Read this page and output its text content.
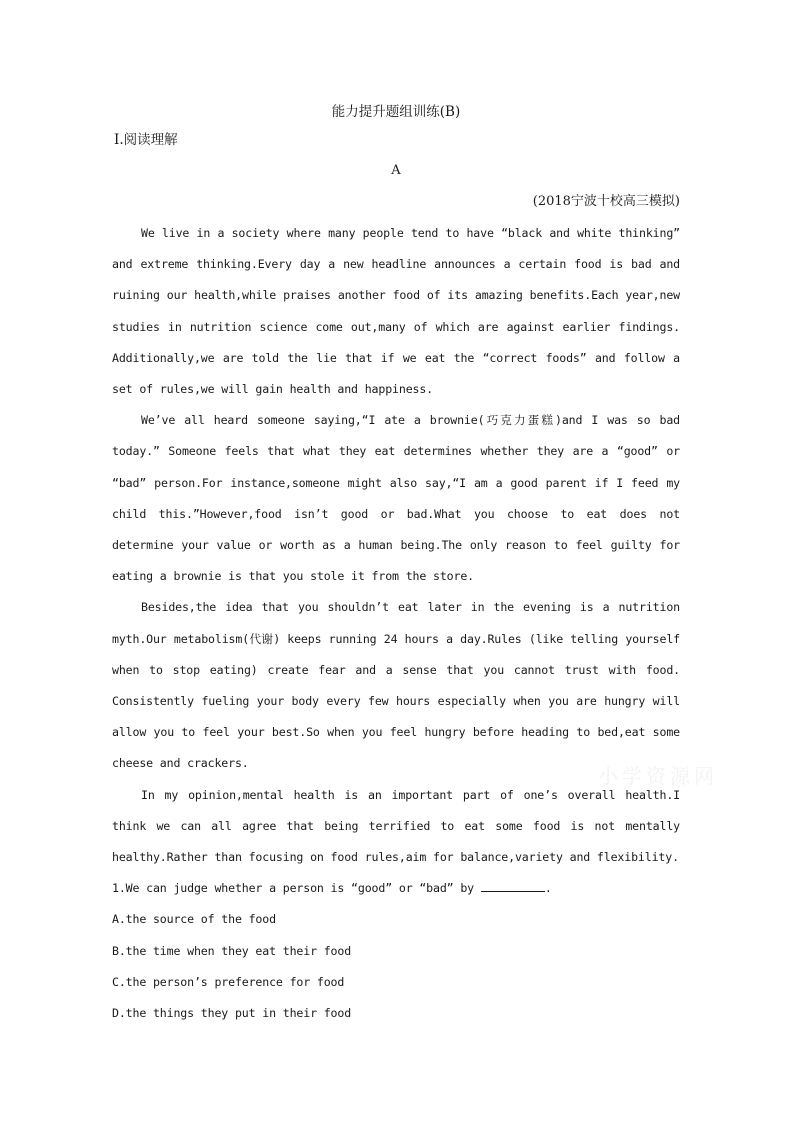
能力提升题组训练(B)
Ⅰ.阅读理解
A
(2018宁波十校高三模拟)

We live in a society where many people tend to have “black and white thinking” and extreme thinking.Every day a new headline announces a certain food is bad and ruining our health,while praises another food of its amazing benefits.Each year,new studies in nutrition science come out,many of which are against earlier findings. Additionally,we are told the lie that if we eat the “correct foods” and follow a set of rules,we will gain health and happiness.

We’ve all heard someone saying,“I ate a brownie(巧克力蛋糕)and I was so bad today.” Someone feels that what they eat determines whether they are a “good” or “bad” person.For instance,someone might also say,“I am a good parent if I feed my child this.”However,food isn’t good or bad.What you choose to eat does not determine your value or worth as a human being.The only reason to feel guilty for eating a brownie is that you stole it from the store.

Besides,the idea that you shouldn’t eat later in the evening is a nutrition myth.Our metabolism(代谢) keeps running 24 hours a day.Rules (like telling yourself when to stop eating) create fear and a sense that you cannot trust with food. Consistently fueling your body every few hours especially when you are hungry will allow you to feel your best.So when you feel hungry before heading to bed,eat some cheese and crackers.

In my opinion,mental health is an important part of one’s overall health.I think we can all agree that being terrified to eat some food is not mentally healthy.Rather than focusing on food rules,aim for balance,variety and flexibility.

1.We can judge whether a person is “good” or “bad” by	.

A.the source of the food

B.the time when they eat their food

C.the person’s preference for food

D.the things they put in their food

小学资源网
